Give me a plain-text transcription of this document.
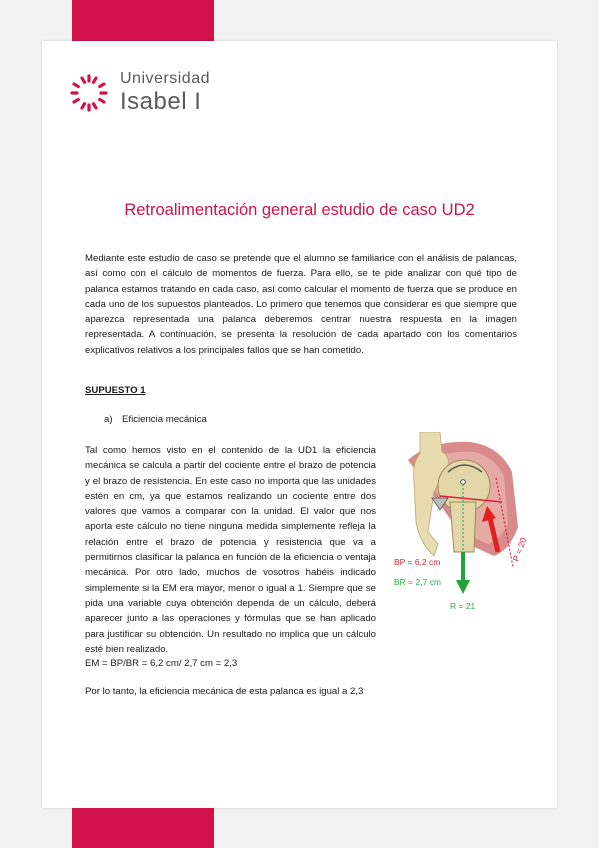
Universidad
Isabel I
Retroalimentación general estudio de caso UD2

Mediante este estudio de caso se pretende que el alumno se familiarice con el análisis de palancas, así como con el cálculo de momentos de fuerza. Para ello, se te pide analizar con qué tipo de palanca estamos tratando en cada caso, así como calcular el momento de fuerza que se produce en cada uno de los supuestos planteados. Lo primero que tenemos que considerar es que siempre que aparezca representada una palanca deberemos centrar nuestra respuesta en la imagen representada. A continuación, se presenta la resolución de cada apartado con los comentarios explicativos relativos a los principales fallos que se han cometido.

SUPUESTO 1

a) Eficiencia mecánica

Tal como hemos visto en el contenido de la UD1 la eficiencia mecánica se calcula a partir del cociente entre el brazo de potencia y el brazo de resistencia. En este caso no importa que las unidades estén en cm, ya que estamos realizando un cociente entre dos valores que vamos a comparar con la unidad. El valor que nos aporta este cálculo no tiene ninguna medida simplemente refleja la relación entre el brazo de potencia y resistencia que va a permitirnos clasificar la palanca en función de la eficiencia o ventaja mecánica. Por otro lado, muchos de vosotros habéis indicado simplemente si la EM era mayor, menor o igual a 1. Siempre que se pida una variable cuya obtención dependa de un cálculo, deberá aparecer junto a las operaciones y fórmulas que se han aplicado para justificar su obtención. Un resultado no implica que un cálculo esté bien realizado.

BP = 6,2 cm
BR = 2,7 cm
R = 21
P = 20

EM = BP/BR = 6,2 cm/ 2,7 cm = 2,3

Por lo tanto, la eficiencia mecánica de esta palanca es igual a 2,3
